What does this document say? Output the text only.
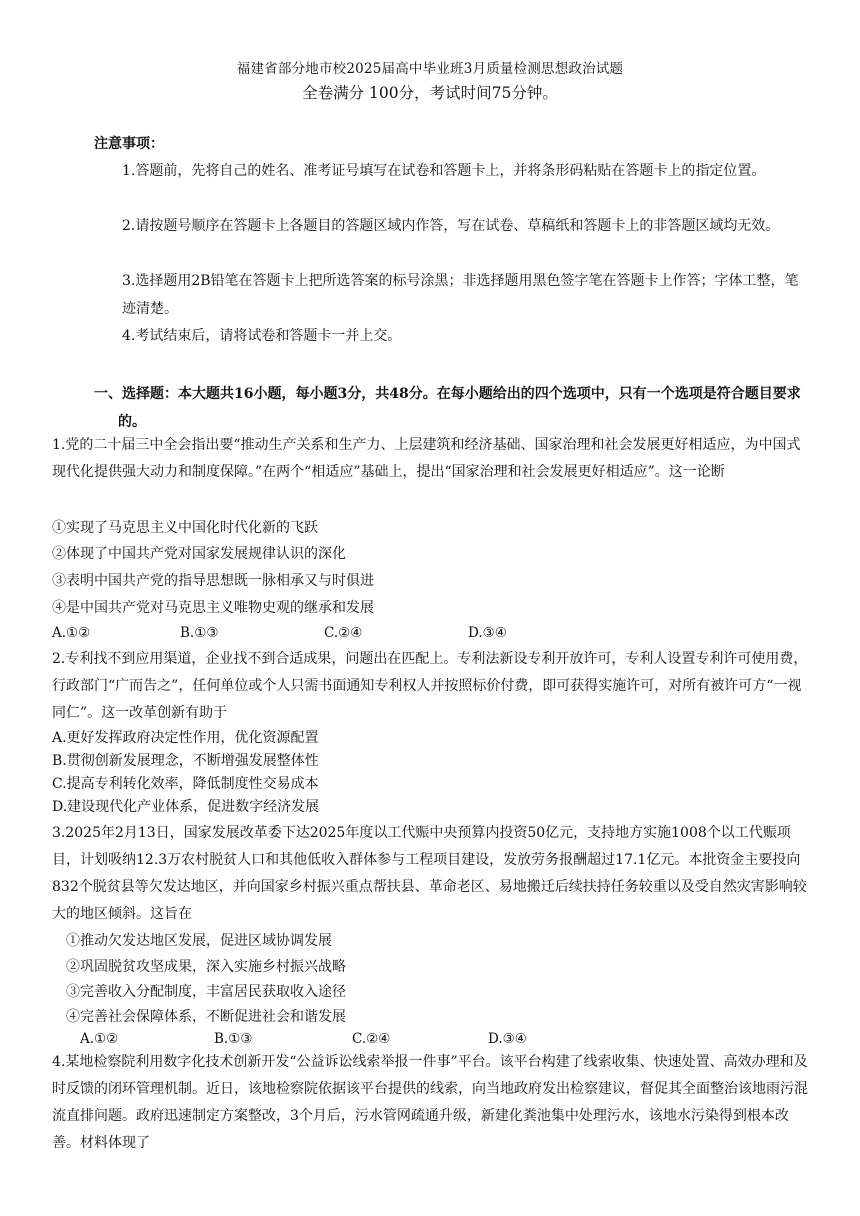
福建省部分地市校2025届高中毕业班3月质量检测思想政治试题
全卷满分 100分，考试时间75分钟。
注意事项：
1.答题前，先将自己的姓名、准考证号填写在试卷和答题卡上，并将条形码粘贴在答题卡上的指定位置。
2.请按题号顺序在答题卡上各题目的答题区域内作答，写在试卷、草稿纸和答题卡上的非答题区域均无效。
3.选择题用2B铅笔在答题卡上把所选答案的标号涂黑；非选择题用黑色签字笔在答题卡上作答；字体工整，笔迹清楚。
4.考试结束后，请将试卷和答题卡一并上交。
一、选择题：本大题共16小题，每小题3分，共48分。在每小题给出的四个选项中，只有一个选项是符合题目要求的。
1.党的二十届三中全会指出要“推动生产关系和生产力、上层建筑和经济基础、国家治理和社会发展更好相适应，为中国式现代化提供强大动力和制度保障。”在两个“相适应”基础上，提出“国家治理和社会发展更好相适应”。这一论断
①实现了马克思主义中国化时代化新的飞跃
②体现了中国共产党对国家发展规律认识的深化
③表明中国共产党的指导思想既一脉相承又与时俱进
④是中国共产党对马克思主义唯物史观的继承和发展
A.①②	B.①③	C.②④	D.③④
2.专利找不到应用渠道，企业找不到合适成果，问题出在匹配上。专利法新设专利开放许可，专利人设置专利许可使用费，行政部门“广而告之”，任何单位或个人只需书面通知专利权人并按照标价付费，即可获得实施许可，对所有被许可方“一视同仁”。这一改革创新有助于
A.更好发挥政府决定性作用，优化资源配置
B.贯彻创新发展理念，不断增强发展整体性
C.提高专利转化效率，降低制度性交易成本
D.建设现代化产业体系，促进数字经济发展
3.2025年2月13日，国家发展改革委下达2025年度以工代赈中央预算内投资50亿元，支持地方实施1008个以工代赈项目，计划吸纳12.3万农村脱贫人口和其他低收入群体参与工程项目建设，发放劳务报酬超过17.1亿元。本批资金主要投向832个脱贫县等欠发达地区，并向国家乡村振兴重点帮扶县、革命老区、易地搬迁后续扶持任务较重以及受自然灾害影响较大的地区倾斜。这旨在
①推动欠发达地区发展，促进区域协调发展
②巩固脱贫攻坚成果，深入实施乡村振兴战略
③完善收入分配制度，丰富居民获取收入途径
④完善社会保障体系，不断促进社会和谐发展
A.①②	B.①③	C.②④	D.③④
4.某地检察院利用数字化技术创新开发“公益诉讼线索举报一件事”平台。该平台构建了线索收集、快速处置、高效办理和及时反馈的闭环管理机制。近日，该地检察院依据该平台提供的线索，向当地政府发出检察建议，督促其全面整治该地雨污混流直排问题。政府迅速制定方案整改，3个月后，污水管网疏通升级，新建化粪池集中处理污水，该地水污染得到根本改善。材料体现了
